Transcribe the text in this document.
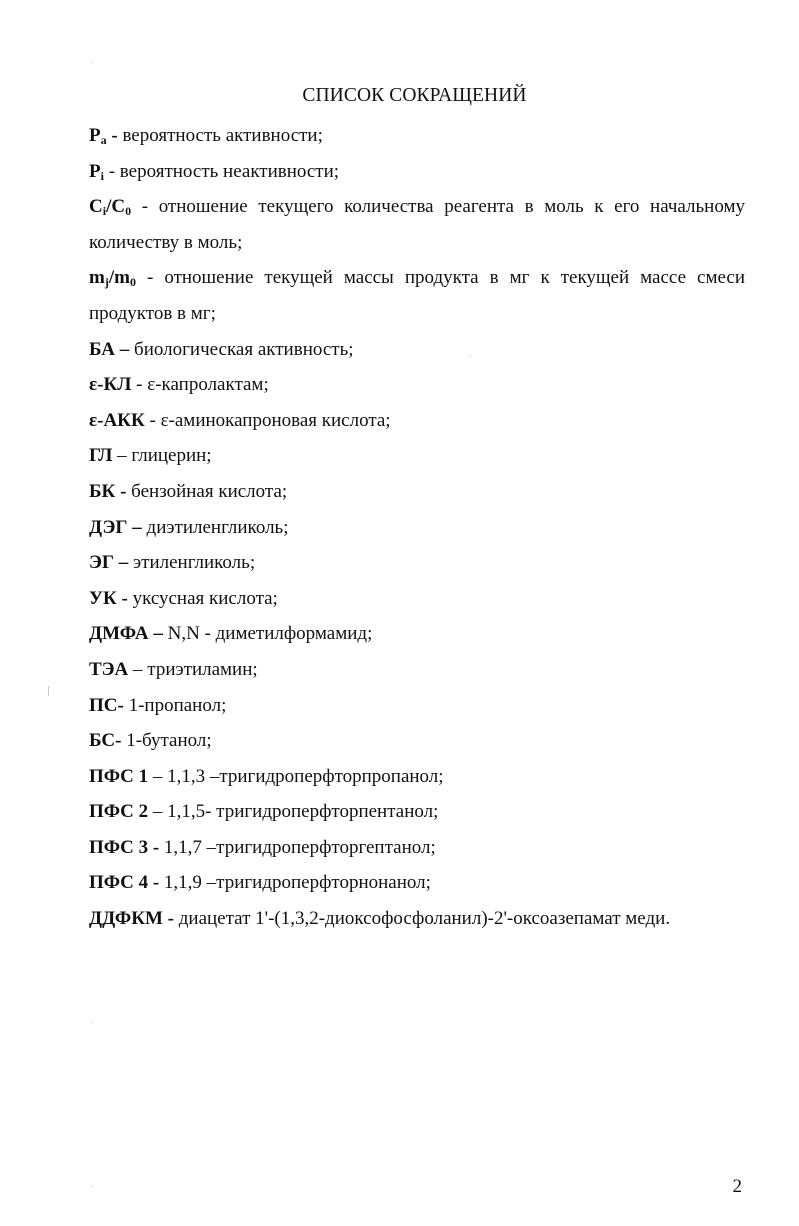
СПИСОК СОКРАЩЕНИЙ
$P_a$ - вероятность активности;
$P_i$ - вероятность неактивности;
$C_i/C_0$ - отношение текущего количества реагента в моль к его начальному количеству в моль;
$m_j/m_0$ - отношение текущей массы продукта в мг к текущей массе смеси продуктов в мг;
БА – биологическая активность;
ε-КЛ - ε-капролактам;
ε-АКК - ε-аминокапроновая кислота;
ГЛ – глицерин;
БК - бензойная кислота;
ДЭГ – диэтиленгликоль;
ЭГ – этиленгликоль;
УК - уксусная кислота;
ДМФА – N,N - диметилформамид;
ТЭА – триэтиламин;
ПС- 1-пропанол;
БС- 1-бутанол;
ПФС 1 – 1,1,3 –тригидроперфторпропанол;
ПФС 2 – 1,1,5- тригидроперфторпентанол;
ПФС 3 - 1,1,7 –тригидроперфторгептанол;
ПФС 4 - 1,1,9 –тригидроперфторнонанол;
ДДФКМ - диацетат 1'-(1,3,2-диоксофосфоланил)-2'-оксоазепамат меди.
2
